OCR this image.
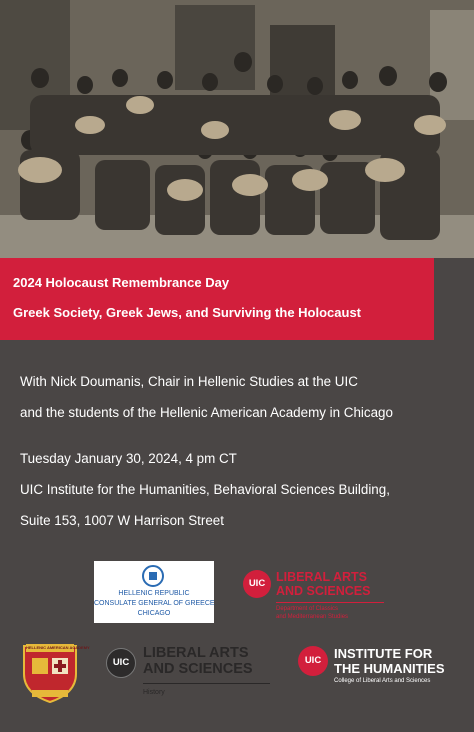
2024 Holocaust Remembrance Day
Greek Society, Greek Jews, and Surviving the Holocaust
With Nick Doumanis, Chair in Hellenic Studies at the UIC
and the students of the Hellenic American Academy in Chicago
Tuesday January 30, 2024, 4 pm CT
UIC Institute for the Humanities, Behavioral Sciences Building,
Suite 153, 1007 W Harrison Street
HELLENIC REPUBLIC
CONSULATE GENERAL OF GREECE
CHICAGO
UIC LIBERAL ARTS
AND SCIENCES
Department of Classics
and Mediterranean Studies
HELLENIC AMERICAN ACADEMY
UIC
LIBERAL ARTS
AND SCIENCES
History
UIC INSTITUTE FOR
THE HUMANITIES
College of Liberal Arts and Sciences
